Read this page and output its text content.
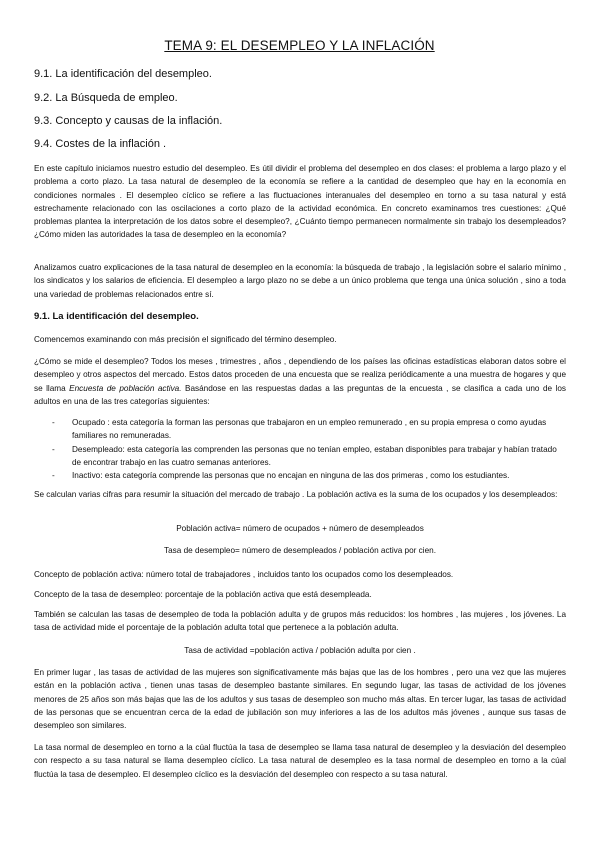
TEMA 9: EL DESEMPLEO Y LA INFLACIÓN
9.1. La identificación del desempleo.
9.2. La Búsqueda de empleo.
9.3. Concepto y causas de la inflación.
9.4. Costes de la inflación .
En este capítulo iniciamos nuestro estudio del desempleo. Es útil dividir el problema del desempleo en dos clases: el problema a largo plazo y el problema a corto plazo. La tasa natural de desempleo de la economía se refiere a la cantidad de desempleo que hay en la economía en condiciones normales . El desempleo cíclico se refiere a las fluctuaciones interanuales del desempleo en torno a su tasa natural y está estrechamente relacionado con las oscilaciones a corto plazo de la actividad económica. En concreto examinamos tres cuestiones: ¿Qué problemas plantea la interpretación de los datos sobre el desempleo?, ¿Cuánto tiempo permanecen normalmente sin trabajo los desempleados? ¿Cómo miden las autoridades la tasa de desempleo en la economía?
Analizamos cuatro explicaciones de la tasa natural de desempleo en la economía: la búsqueda de trabajo , la legislación sobre el salario mínimo , los sindicatos y los salarios de eficiencia. El desempleo a largo plazo no se debe a un único problema que tenga una única solución , sino a toda una variedad de problemas relacionados entre sí.
9.1. La identificación del desempleo.
Comencemos examinando con más precisión el significado del término desempleo.
¿Cómo se mide el desempleo? Todos los meses , trimestres , años , dependiendo de los países las oficinas estadísticas elaboran datos sobre el desempleo y otros aspectos del mercado. Estos datos proceden de una encuesta que se realiza periódicamente a una muestra de hogares y que se llama Encuesta de población activa. Basándose en las respuestas dadas a las preguntas de la encuesta , se clasifica a cada uno de los adultos en una de las tres categorías siguientes:
- Ocupado : esta categoría la forman las personas que trabajaron en un empleo remunerado , en su propia empresa o como ayudas familiares no remuneradas.
- Desempleado: esta categoría las comprenden las personas que no tenían empleo, estaban disponibles para trabajar y habían tratado de encontrar trabajo en las cuatro semanas anteriores.
- Inactivo: esta categoría comprende las personas que no encajan en ninguna de las dos primeras , como los estudiantes.
Se calculan varias cifras para resumir la situación del mercado de trabajo . La población activa es la suma de los ocupados y los desempleados:
Población activa= número de ocupados + número de desempleados
Tasa de desempleo= número de desempleados / población activa por cien.
Concepto de población activa: número total de trabajadores , incluidos tanto los ocupados como los desempleados.
Concepto de la tasa de desempleo: porcentaje de la población activa que está desempleada.
También se calculan las tasas de desempleo de toda la población adulta y de grupos más reducidos: los hombres , las mujeres , los jóvenes. La tasa de actividad mide el porcentaje de la población adulta total que pertenece a la población adulta.
Tasa de actividad =población activa / población adulta por cien .
En primer lugar , las tasas de actividad de las mujeres son significativamente más bajas que las de los hombres , pero una vez que las mujeres están en la población activa , tienen unas tasas de desempleo bastante similares. En segundo lugar, las tasas de actividad de los jóvenes menores de 25 años son más bajas que las de los adultos y sus tasas de desempleo son mucho más altas. En tercer lugar, las tasas de actividad de las personas que se encuentran cerca de la edad de jubilación son muy inferiores a las de los adultos más jóvenes , aunque sus tasas de desempleo son similares.
La tasa normal de desempleo en torno a la cúal fluctúa la tasa de desempleo se llama tasa natural de desempleo y la desviación del desempleo con respecto a su tasa natural se llama desempleo cíclico. La tasa natural de desempleo es la tasa normal de desempleo en torno a la cúal fluctúa la tasa de desempleo. El desempleo cíclico es la desviación del desempleo con respecto a su tasa natural.
